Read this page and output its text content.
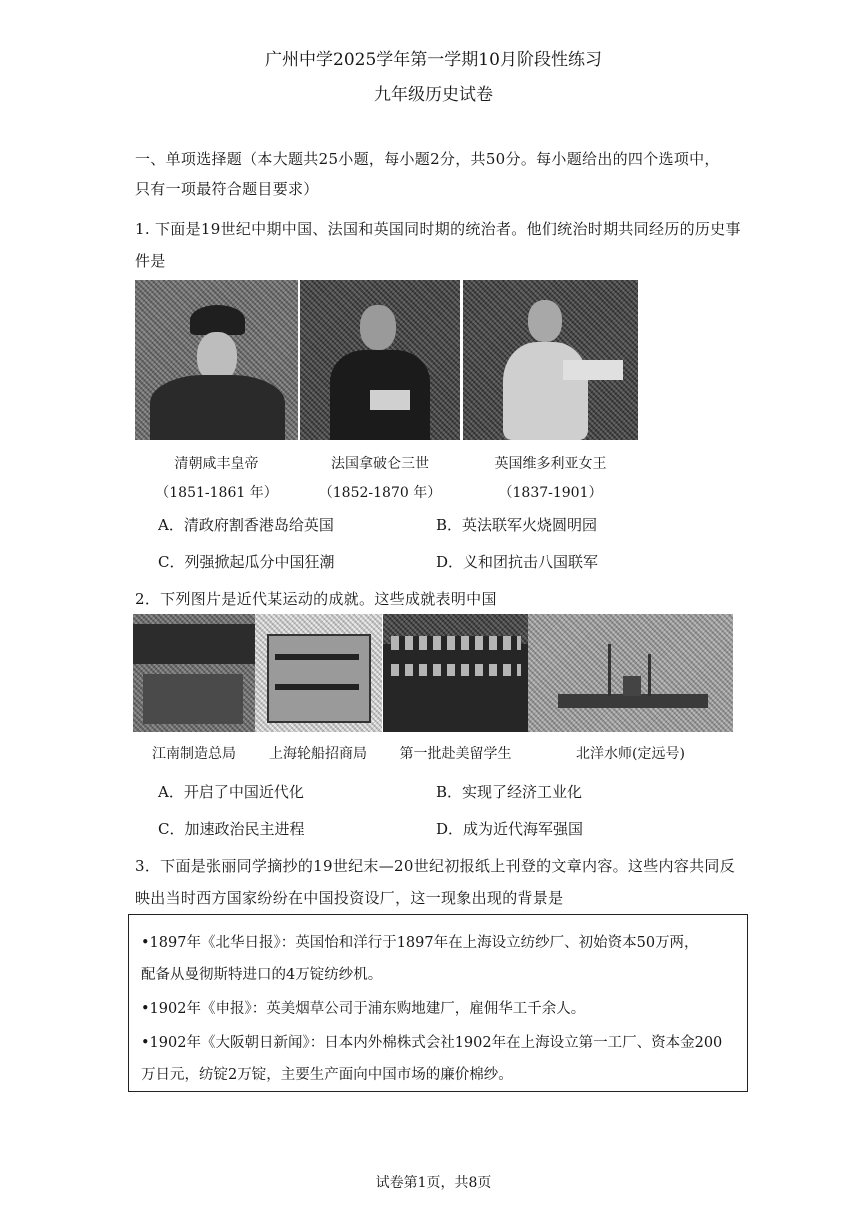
广州中学2025学年第一学期10月阶段性练习
九年级历史试卷
一、单项选择题（本大题共25小题，每小题2分，共50分。每小题给出的四个选项中，
只有一项最符合题目要求）
1. 下面是19世纪中期中国、法国和英国同时期的统治者。他们统治时期共同经历的历史事
件是
清朝咸丰皇帝	法国拿破仑三世	英国维多利亚女王
（1851-1861 年）	（1852-1870 年）	（1837-1901）
A．清政府割香港岛给英国	B．英法联军火烧圆明园
C．列强掀起瓜分中国狂潮	D．义和团抗击八国联军
2．下列图片是近代某运动的成就。这些成就表明中国
江南制造总局	上海轮船招商局	第一批赴美留学生	北洋水师(定远号)
A．开启了中国近代化	B．实现了经济工业化
C．加速政治民主进程	D．成为近代海军强国
3．下面是张丽同学摘抄的19世纪末—20世纪初报纸上刊登的文章内容。这些内容共同反
映出当时西方国家纷纷在中国投资设厂，这一现象出现的背景是
•1897年《北华日报》：英国怡和洋行于1897年在上海设立纺纱厂、初始资本50万两，
配备从曼彻斯特进口的4万锭纺纱机。
•1902年《申报》：英美烟草公司于浦东购地建厂，雇佣华工千余人。
•1902年《大阪朝日新闻》：日本内外棉株式会社1902年在上海设立第一工厂、资本金200
万日元，纺锭2万锭，主要生产面向中国市场的廉价棉纱。
试卷第1页，共8页
